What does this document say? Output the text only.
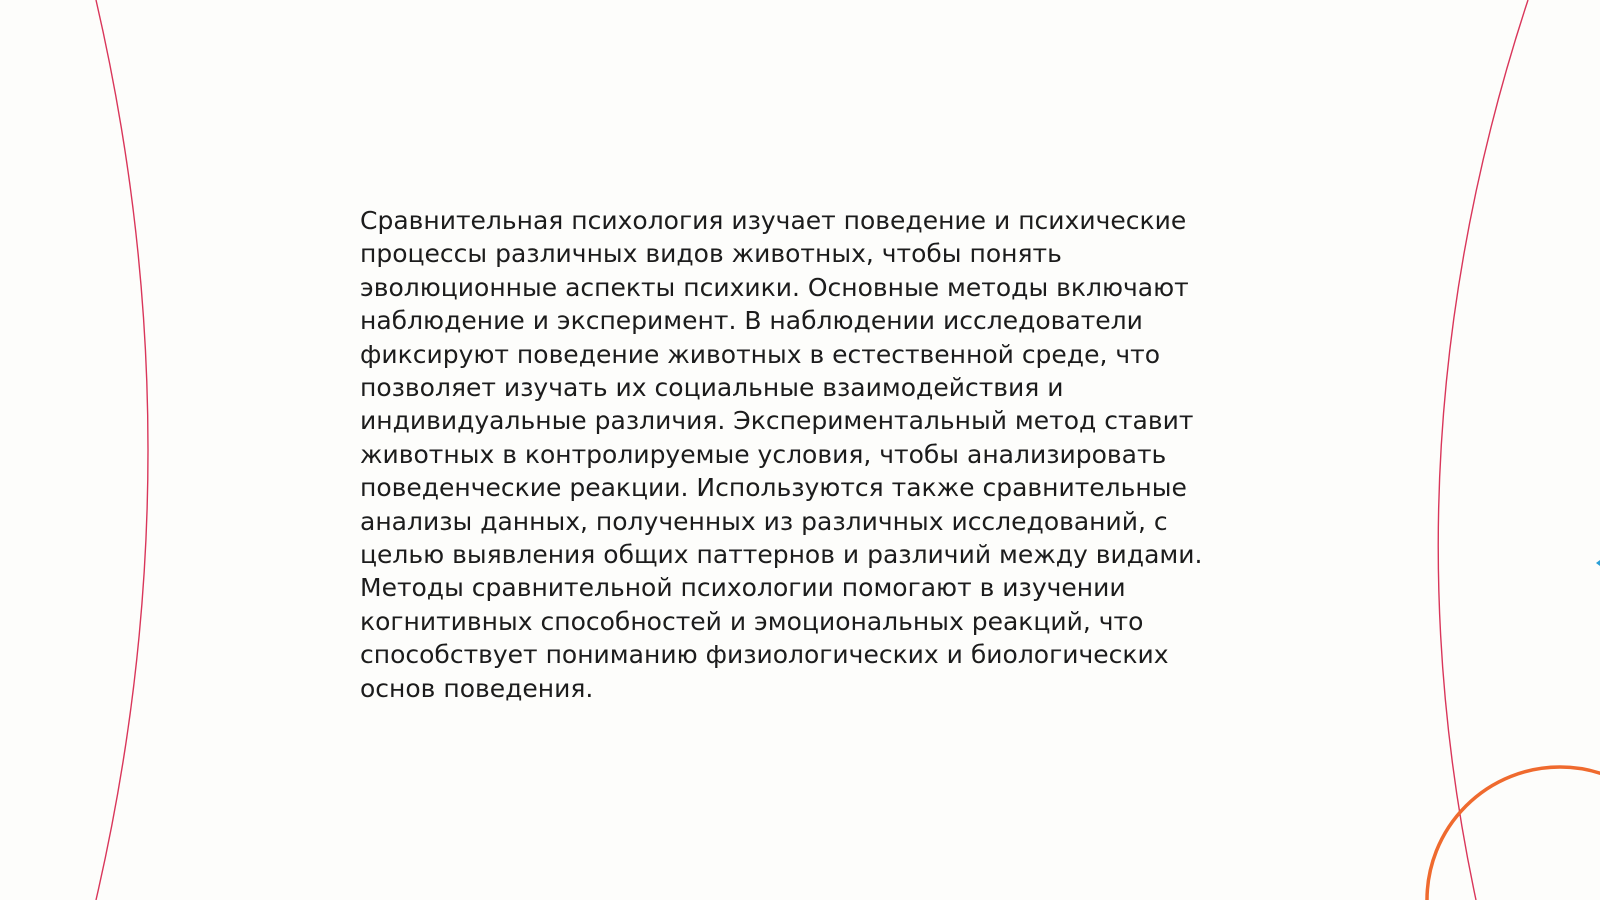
Сравнительная психология изучает поведение и психические
процессы различных видов животных, чтобы понять
эволюционные аспекты психики. Основные методы включают
наблюдение и эксперимент. В наблюдении исследователи
фиксируют поведение животных в естественной среде, что
позволяет изучать их социальные взаимодействия и
индивидуальные различия. Экспериментальный метод ставит
животных в контролируемые условия, чтобы анализировать
поведенческие реакции. Используются также сравнительные
анализы данных, полученных из различных исследований, с
целью выявления общих паттернов и различий между видами.
Методы сравнительной психологии помогают в изучении
когнитивных способностей и эмоциональных реакций, что
способствует пониманию физиологических и биологических
основ поведения.
